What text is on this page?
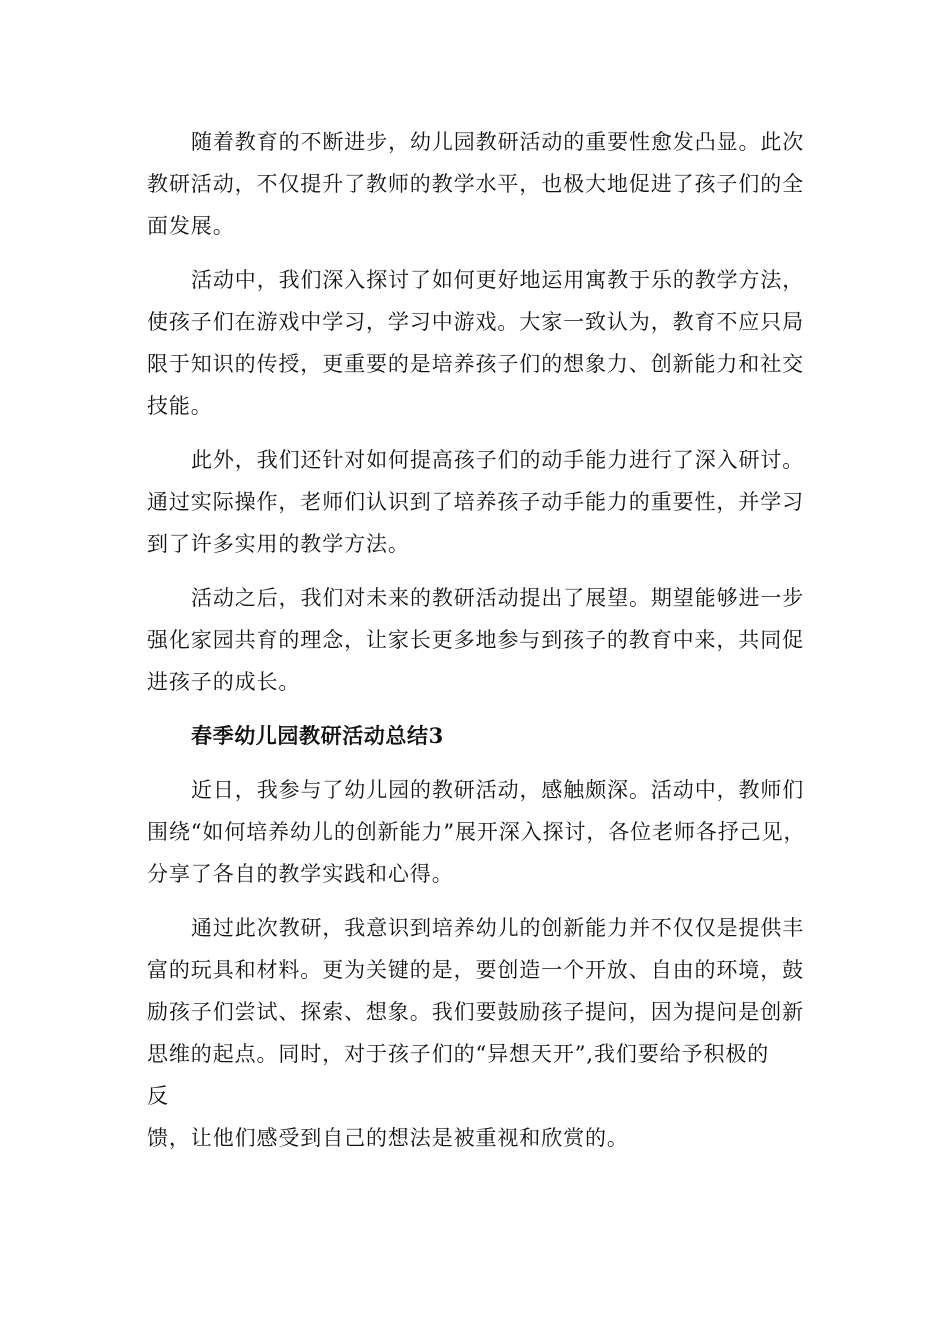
随着教育的不断进步，幼儿园教研活动的重要性愈发凸显。此次
教研活动，不仅提升了教师的教学水平，也极大地促进了孩子们的全
面发展。
活动中，我们深入探讨了如何更好地运用寓教于乐的教学方法，
使孩子们在游戏中学习，学习中游戏。大家一致认为，教育不应只局
限于知识的传授，更重要的是培养孩子们的想象力、创新能力和社交
技能。
此外，我们还针对如何提高孩子们的动手能力进行了深入研讨。
通过实际操作，老师们认识到了培养孩子动手能力的重要性，并学习
到了许多实用的教学方法。
活动之后，我们对未来的教研活动提出了展望。期望能够进一步
强化家园共育的理念，让家长更多地参与到孩子的教育中来，共同促
进孩子的成长。
春季幼儿园教研活动总结3
近日，我参与了幼儿园的教研活动，感触颇深。活动中，教师们
围绕“如何培养幼儿的创新能力”展开深入探讨，各位老师各抒己见，
分享了各自的教学实践和心得。
通过此次教研，我意识到培养幼儿的创新能力并不仅仅是提供丰
富的玩具和材料。更为关键的是，要创造一个开放、自由的环境，鼓
励孩子们尝试、探索、想象。我们要鼓励孩子提问，因为提问是创新
思维的起点。同时，对于孩子们的“异想天开”,我们要给予积极的
反
馈，让他们感受到自己的想法是被重视和欣赏的。
